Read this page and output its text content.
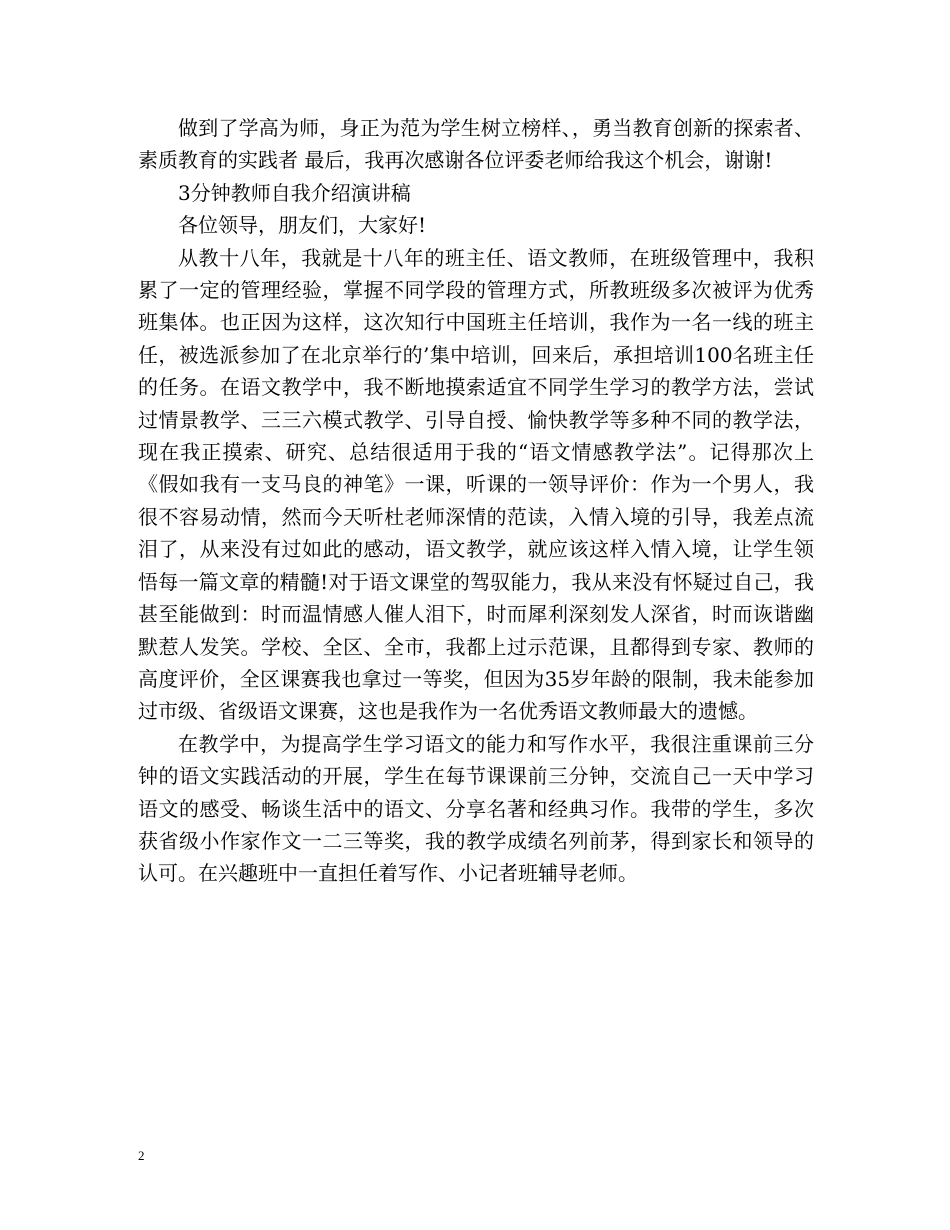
做到了学高为师，身正为范为学生树立榜样、，勇当教育创新的探索者、素质教育的实践者 最后，我再次感谢各位评委老师给我这个机会，谢谢!

3分钟教师自我介绍演讲稿

各位领导，朋友们，大家好!

从教十八年，我就是十八年的班主任、语文教师，在班级管理中，我积累了一定的管理经验，掌握不同学段的管理方式，所教班级多次被评为优秀班集体。也正因为这样，这次知行中国班主任培训，我作为一名一线的班主任，被选派参加了在北京举行的’集中培训，回来后，承担培训100名班主任的任务。在语文教学中，我不断地摸索适宜不同学生学习的教学方法，尝试过情景教学、三三六模式教学、引导自授、愉快教学等多种不同的教学法，现在我正摸索、研究、总结很适用于我的“语文情感教学法”。记得那次上《假如我有一支马良的神笔》一课，听课的一领导评价：作为一个男人，我很不容易动情，然而今天听杜老师深情的范读，入情入境的引导，我差点流泪了，从来没有过如此的感动，语文教学，就应该这样入情入境，让学生领悟每一篇文章的精髓!对于语文课堂的驾驭能力，我从来没有怀疑过自己，我甚至能做到：时而温情感人催人泪下，时而犀利深刻发人深省，时而诙谐幽默惹人发笑。学校、全区、全市，我都上过示范课，且都得到专家、教师的高度评价，全区课赛我也拿过一等奖，但因为35岁年龄的限制，我未能参加过市级、省级语文课赛，这也是我作为一名优秀语文教师最大的遗憾。

在教学中，为提高学生学习语文的能力和写作水平，我很注重课前三分钟的语文实践活动的开展，学生在每节课课前三分钟，交流自己一天中学习语文的感受、畅谈生活中的语文、分享名著和经典习作。我带的学生，多次获省级小作家作文一二三等奖，我的教学成绩名列前茅，得到家长和领导的认可。在兴趣班中一直担任着写作、小记者班辅导老师。

2
